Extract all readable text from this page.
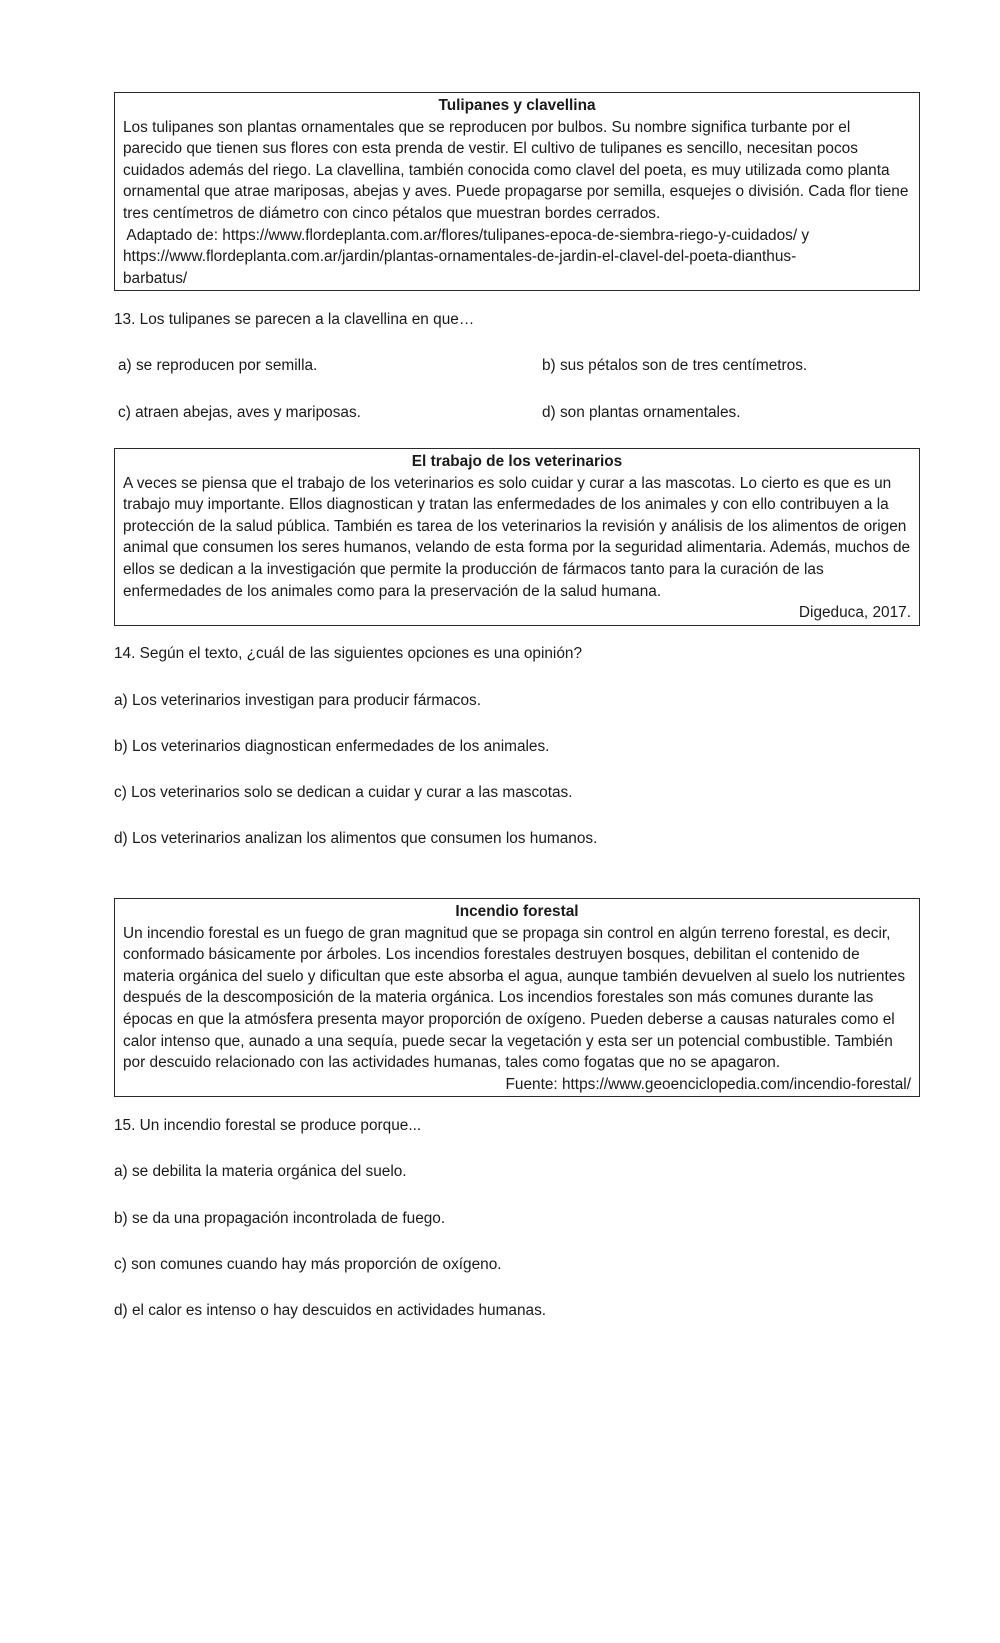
Tulipanes y clavellina

Los tulipanes son plantas ornamentales que se reproducen por bulbos. Su nombre significa turbante por el parecido que tienen sus flores con esta prenda de vestir. El cultivo de tulipanes es sencillo, necesitan pocos cuidados además del riego. La clavellina, también conocida como clavel del poeta, es muy utilizada como planta ornamental que atrae mariposas, abejas y aves. Puede propagarse por semilla, esquejes o división. Cada flor tiene tres centímetros de diámetro con cinco pétalos que muestran bordes cerrados.

Adaptado de: https://www.flordeplanta.com.ar/flores/tulipanes-epoca-de-siembra-riego-y-cuidados/ y

https://www.flordeplanta.com.ar/jardin/plantas-ornamentales-de-jardin-el-clavel-del-poeta-dianthus-

barbatus/

13. Los tulipanes se parecen a la clavellina en que…

a) se reproducen por semilla.	b) sus pétalos son de tres centímetros.

c) atraen abejas, aves y mariposas.	d) son plantas ornamentales.

El trabajo de los veterinarios

A veces se piensa que el trabajo de los veterinarios es solo cuidar y curar a las mascotas. Lo cierto es que es un trabajo muy importante. Ellos diagnostican y tratan las enfermedades de los animales y con ello contribuyen a la protección de la salud pública. También es tarea de los veterinarios la revisión y análisis de los alimentos de origen animal que consumen los seres humanos, velando de esta forma por la seguridad alimentaria. Además, muchos de ellos se dedican a la investigación que permite la producción de fármacos tanto para la curación de las enfermedades de los animales como para la preservación de la salud humana.

Digeduca, 2017.

14. Según el texto, ¿cuál de las siguientes opciones es una opinión?

a) Los veterinarios investigan para producir fármacos.

b) Los veterinarios diagnostican enfermedades de los animales.

c) Los veterinarios solo se dedican a cuidar y curar a las mascotas.

d) Los veterinarios analizan los alimentos que consumen los humanos.

Incendio forestal

Un incendio forestal es un fuego de gran magnitud que se propaga sin control en algún terreno forestal, es decir, conformado básicamente por árboles. Los incendios forestales destruyen bosques, debilitan el contenido de materia orgánica del suelo y dificultan que este absorba el agua, aunque también devuelven al suelo los nutrientes después de la descomposición de la materia orgánica. Los incendios forestales son más comunes durante las épocas en que la atmósfera presenta mayor proporción de oxígeno. Pueden deberse a causas naturales como el calor intenso que, aunado a una sequía, puede secar la vegetación y esta ser un potencial combustible. También por descuido relacionado con las actividades humanas, tales como fogatas que no se apagaron.
Fuente: https://www.geoenciclopedia.com/incendio-forestal/

15. Un incendio forestal se produce porque...

a) se debilita la materia orgánica del suelo.

b) se da una propagación incontrolada de fuego.

c) son comunes cuando hay más proporción de oxígeno.

d) el calor es intenso o hay descuidos en actividades humanas.
